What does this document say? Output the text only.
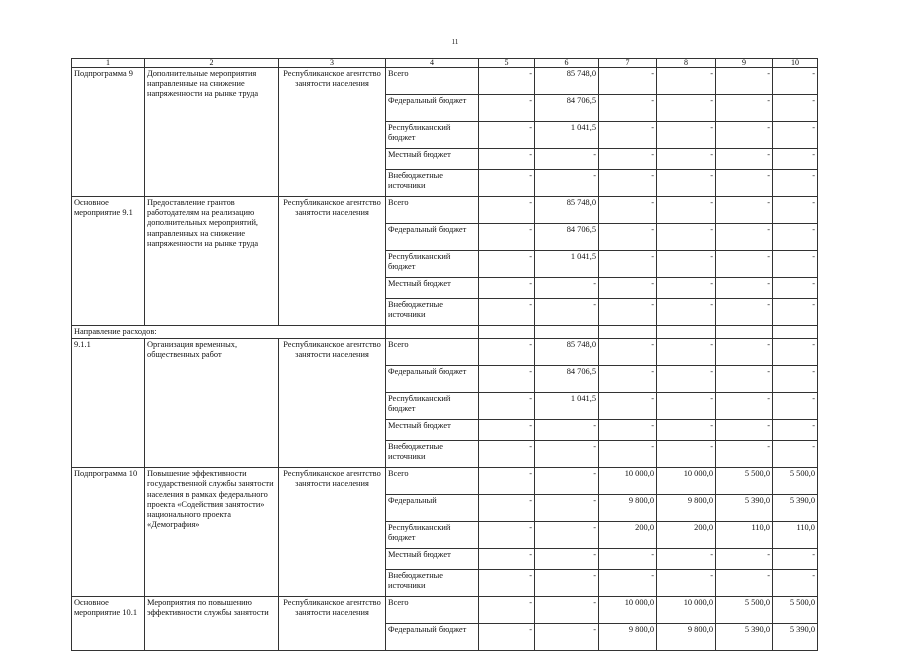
11
1	2	3	4	5	6	7	8	9	10
Подпрограмма 9	Дополнительные мероприятия направленные на снижение напряженности на рынке труда	Республиканское агентство занятости населения	Всего	-	85 748,0	-	-	-	-
			Федеральный бюджет	-	84 706,5	-	-	-	-
			Республиканский бюджет	-	1 041,5	-	-	-	-
			Местный бюджет	-	-	-	-	-	-
			Внебюджетные источники	-	-	-	-	-	-
Основное мероприятие 9.1	Предоставление грантов работодателям на реализацию дополнительных мероприятий, направленных на снижение напряженности на рынке труда	Республиканское агентство занятости населения	Всего	-	85 748,0	-	-	-	-
			Федеральный бюджет	-	84 706,5	-	-	-	-
			Республиканский бюджет	-	1 041,5	-	-	-	-
			Местный бюджет	-	-	-	-	-	-
			Внебюджетные источники	-	-	-	-	-	-
Направление расходов:									
9.1.1	Организация временных, общественных работ	Республиканское агентство занятости населения	Всего	-	85 748,0	-	-	-	-
			Федеральный бюджет	-	84 706,5	-	-	-	-
			Республиканский бюджет	-	1 041,5	-	-	-	-
			Местный бюджет	-	-	-	-	-	-
			Внебюджетные источники	-	-	-	-	-	-
Подпрограмма 10	Повышение эффективности государственной службы занятости населения в рамках федерального проекта «Содействия занятости» национального проекта «Демография»	Республиканское агентство занятости населения	Всего	-	-	10 000,0	10 000,0	5 500,0	5 500,0
			Федеральный	-	-	9 800,0	9 800,0	5 390,0	5 390,0
			Республиканский бюджет	-	-	200,0	200,0	110,0	110,0
			Местный бюджет	-	-	-	-	-	-
			Внебюджетные источники	-	-	-	-	-	-
Основное мероприятие 10.1	Мероприятия по повышению эффективности службы занятости	Республиканское агентство занятости населения	Всего	-	-	10 000,0	10 000,0	5 500,0	5 500,0
			Федеральный бюджет	-	-	9 800,0	9 800,0	5 390,0	5 390,0
